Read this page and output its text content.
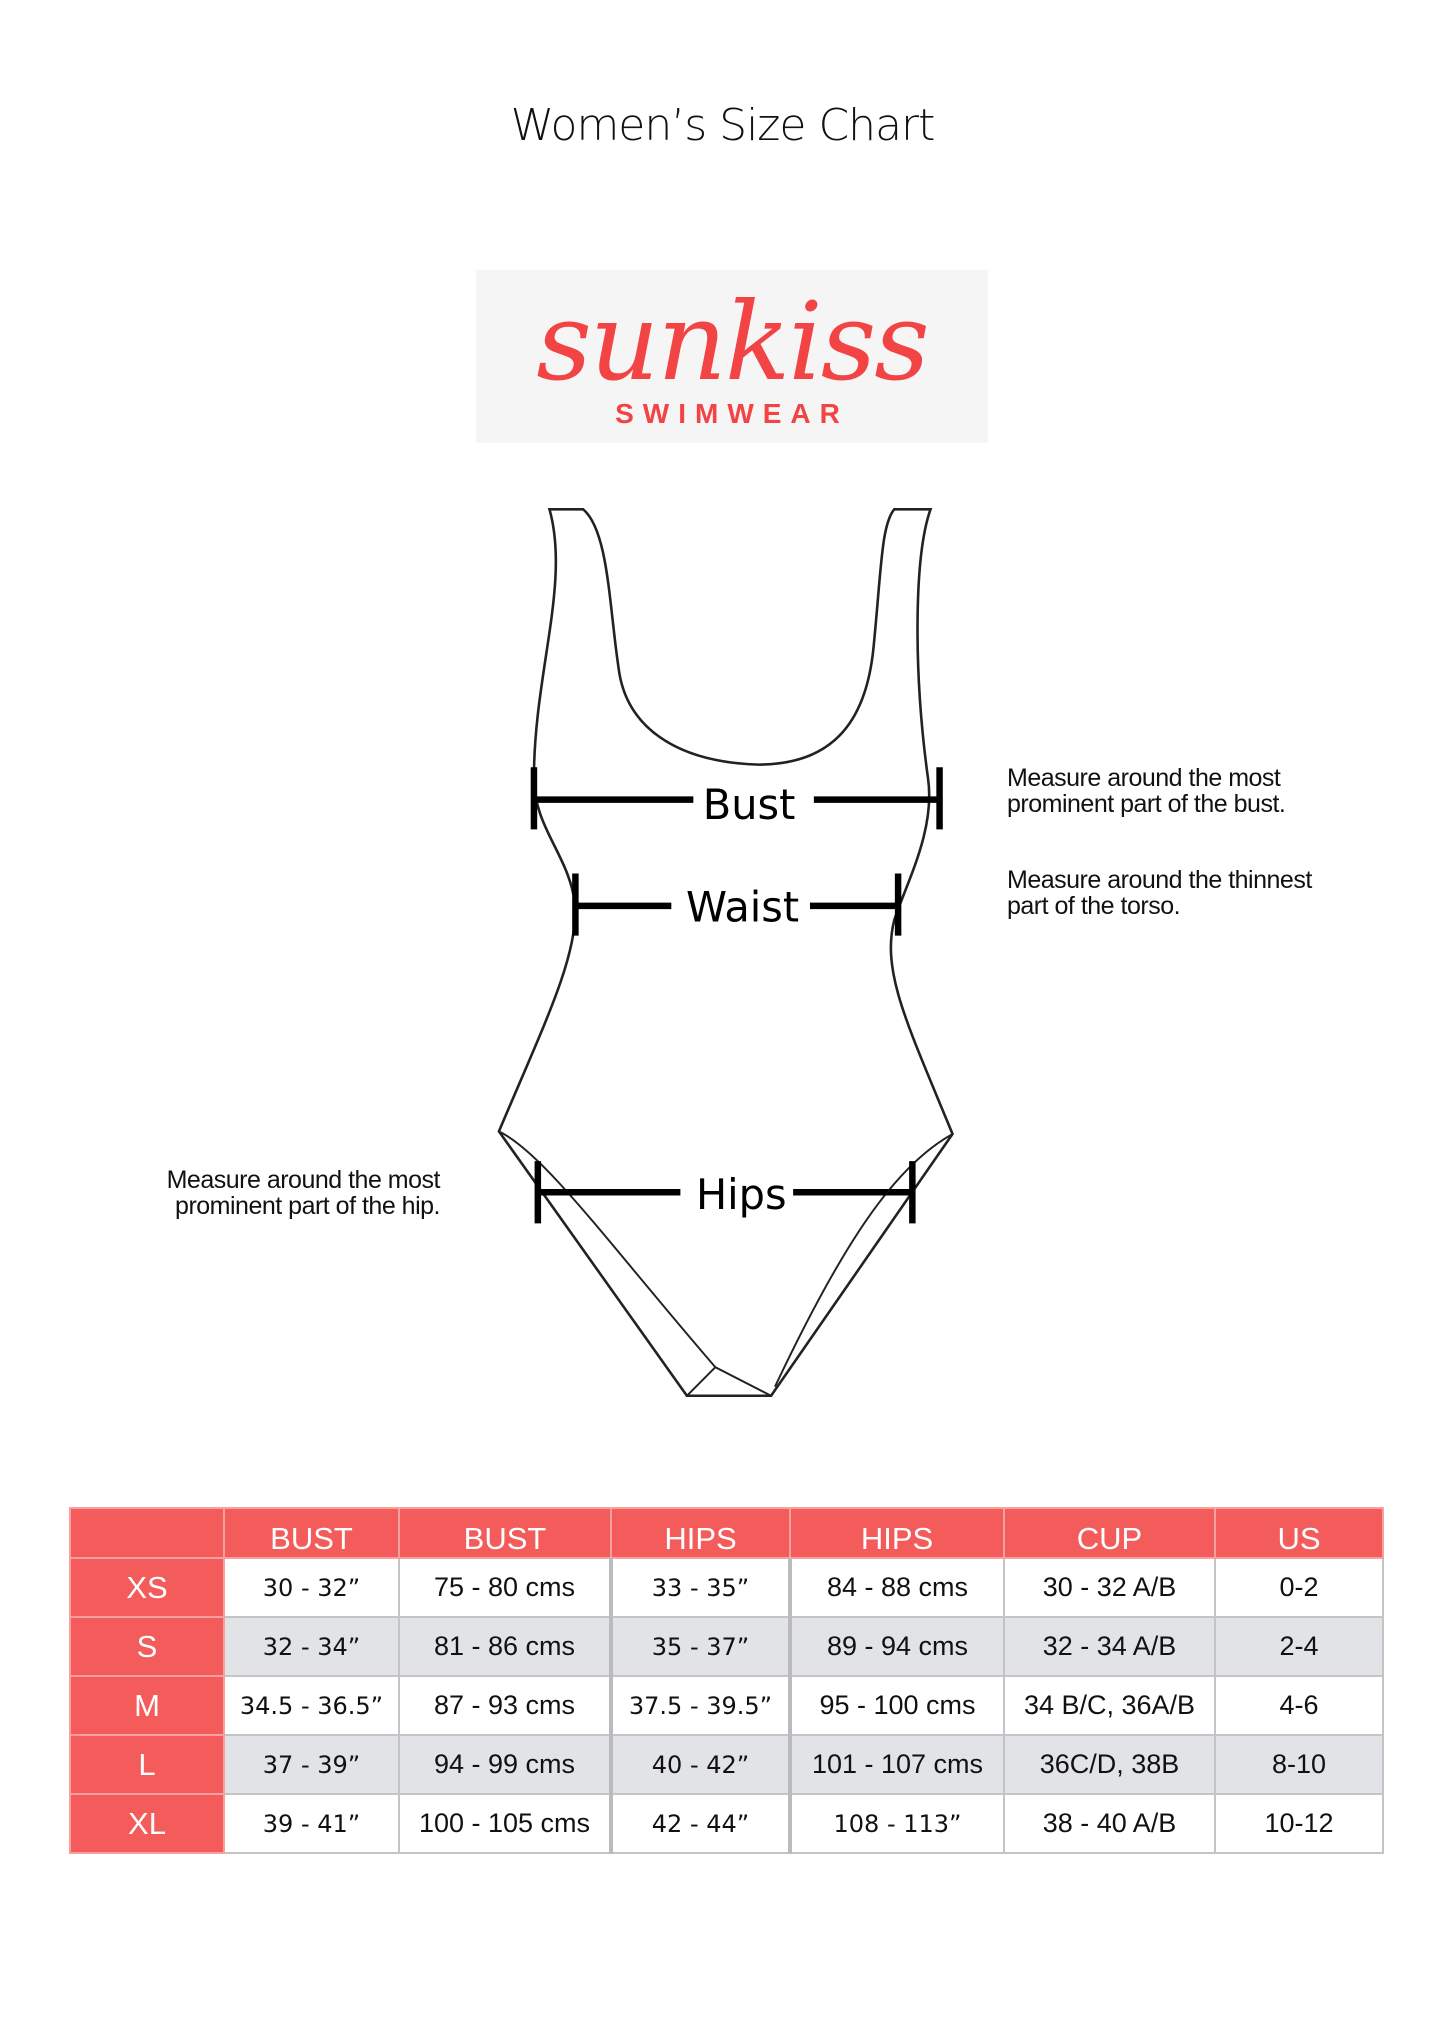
Women’s Size Chart
sunkiss
SWIMWEAR
Bust
Waist
Hips
Measure around the most
prominent part of the bust.
Measure around the thinnest
part of the torso.
Measure around the most
prominent part of the hip.
	BUST	BUST	HIPS	HIPS	CUP	US
XS	30 - 32”	75 - 80 cms	33 - 35”	84 - 88 cms	30 - 32 A/B	0-2
S	32 - 34”	81 - 86 cms	35 - 37”	89 - 94 cms	32 - 34 A/B	2-4
M	34.5 - 36.5”	87 - 93 cms	37.5 - 39.5”	95 - 100 cms	34 B/C, 36A/B	4-6
L	37 - 39”	94 - 99 cms	40 - 42”	101 - 107 cms	36C/D, 38B	8-10
XL	39 - 41”	100 - 105 cms	42 - 44”	108 - 113”	38 - 40 A/B	10-12
